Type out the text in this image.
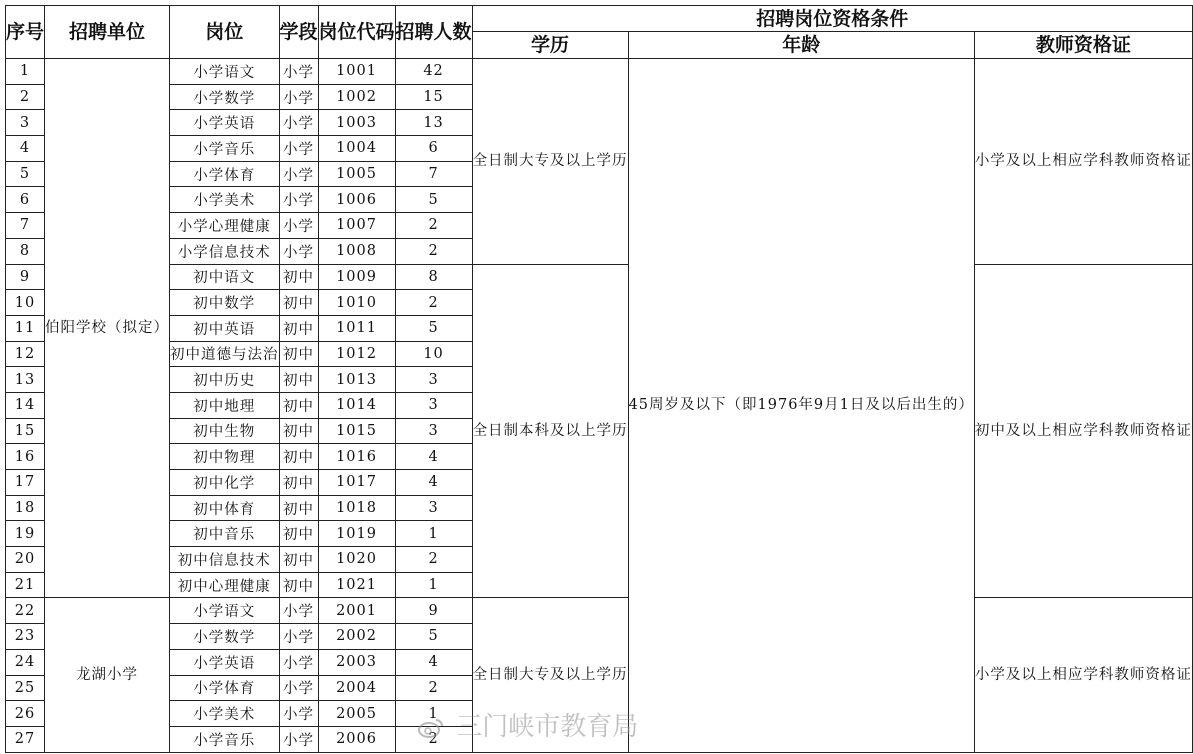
序号	招聘单位	岗位	学段	岗位代码	招聘人数	招聘岗位资格条件		
						学历	年龄	教师资格证
1	伯阳学校（拟定）	小学语文	小学	1001	42	全日制大专及以上学历	45周岁及以下（即1976年9月1日及以后出生的）	小学及以上相应学科教师资格证
2		小学数学	小学	1002	15			
3		小学英语	小学	1003	13			
4		小学音乐	小学	1004	6			
5		小学体育	小学	1005	7			
6		小学美术	小学	1006	5			
7		小学心理健康	小学	1007	2			
8		小学信息技术	小学	1008	2			
9		初中语文	初中	1009	8	全日制本科及以上学历		初中及以上相应学科教师资格证
10		初中数学	初中	1010	2			
11		初中英语	初中	1011	5			
12		初中道德与法治	初中	1012	10			
13		初中历史	初中	1013	3			
14		初中地理	初中	1014	3			
15		初中生物	初中	1015	3			
16		初中物理	初中	1016	4			
17		初中化学	初中	1017	4			
18		初中体育	初中	1018	3			
19		初中音乐	初中	1019	1			
20		初中信息技术	初中	1020	2			
21		初中心理健康	初中	1021	1			
22	龙湖小学	小学语文	小学	2001	9	全日制大专及以上学历		小学及以上相应学科教师资格证
23		小学数学	小学	2002	5			
24		小学英语	小学	2003	4			
25		小学体育	小学	2004	2			
26		小学美术	小学	2005	1			
27		小学音乐	小学	2006	2			三门峡市教育局
